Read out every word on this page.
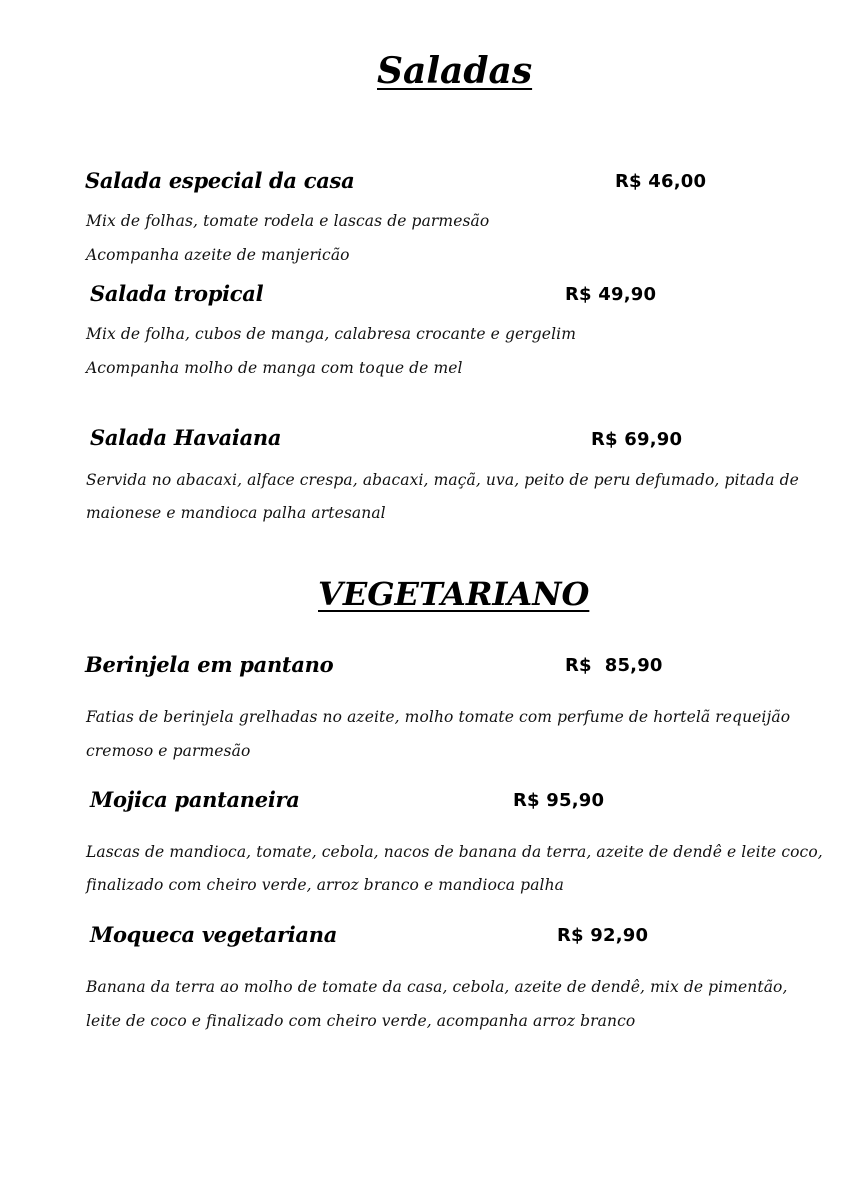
Saladas
Salada especial da casa	R$ 46,00

Mix de folhas, tomate rodela e lascas de parmesão

Acompanha azeite de manjericão

Salada tropical	R$ 49,90

Mix de folha, cubos de manga, calabresa crocante e gergelim

Acompanha molho de manga com toque de mel

Salada Havaiana	R$ 69,90

Servida no abacaxi, alface crespa, abacaxi, maçã, uva, peito de peru defumado, pitada de

maionese e mandioca palha artesanal

VEGETARIANO
Berinjela em pantano	R$  85,90

Fatias de berinjela grelhadas no azeite, molho tomate com perfume de hortelã requeijão

cremoso e parmesão

Mojica pantaneira	R$ 95,90

Lascas de mandioca, tomate, cebola, nacos de banana da terra, azeite de dendê e leite coco,

finalizado com cheiro verde, arroz branco e mandioca palha

Moqueca vegetariana	R$ 92,90

Banana da terra ao molho de tomate da casa, cebola, azeite de dendê, mix de pimentão,

leite de coco e finalizado com cheiro verde, acompanha arroz branco
